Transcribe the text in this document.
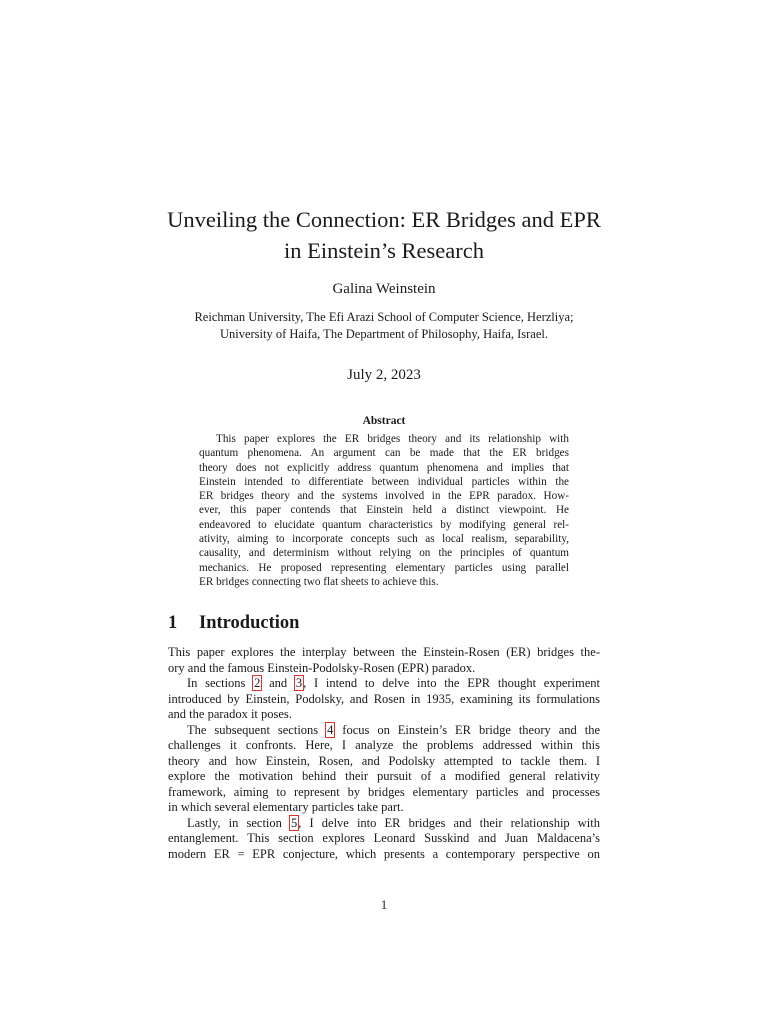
Unveiling the Connection: ER Bridges and EPR
in Einstein’s Research
Galina Weinstein
Reichman University, The Efi Arazi School of Computer Science, Herzliya;
University of Haifa, The Department of Philosophy, Haifa, Israel.
July 2, 2023
Abstract
This paper explores the ER bridges theory and its relationship with
quantum phenomena. An argument can be made that the ER bridges
theory does not explicitly address quantum phenomena and implies that
Einstein intended to differentiate between individual particles within the
ER bridges theory and the systems involved in the EPR paradox. How-
ever, this paper contends that Einstein held a distinct viewpoint. He
endeavored to elucidate quantum characteristics by modifying general rel-
ativity, aiming to incorporate concepts such as local realism, separability,
causality, and determinism without relying on the principles of quantum
mechanics. He proposed representing elementary particles using parallel
ER bridges connecting two flat sheets to achieve this.
1 Introduction
This paper explores the interplay between the Einstein-Rosen (ER) bridges the-
ory and the famous Einstein-Podolsky-Rosen (EPR) paradox.
In sections 2 and 3, I intend to delve into the EPR thought experiment
introduced by Einstein, Podolsky, and Rosen in 1935, examining its formulations
and the paradox it poses.
The subsequent sections 4 focus on Einstein’s ER bridge theory and the
challenges it confronts. Here, I analyze the problems addressed within this
theory and how Einstein, Rosen, and Podolsky attempted to tackle them. I
explore the motivation behind their pursuit of a modified general relativity
framework, aiming to represent by bridges elementary particles and processes
in which several elementary particles take part.
Lastly, in section 5, I delve into ER bridges and their relationship with
entanglement. This section explores Leonard Susskind and Juan Maldacena’s
modern ER = EPR conjecture, which presents a contemporary perspective on
1
